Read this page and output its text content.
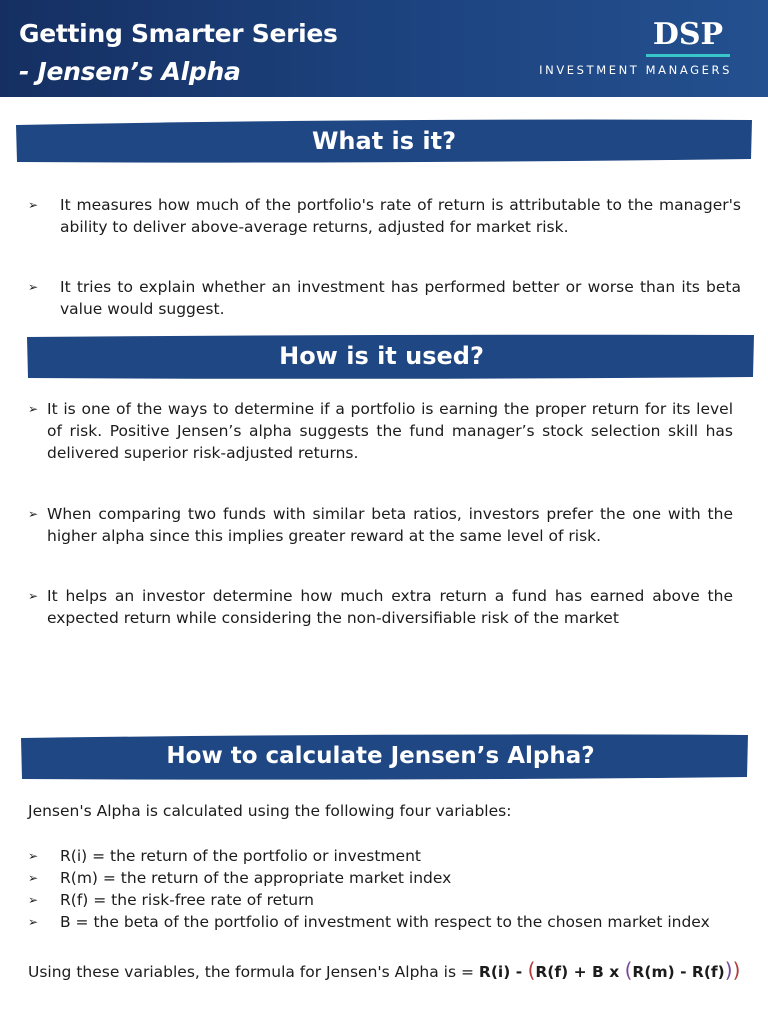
Getting Smarter Series
- Jensen’s Alpha
DSP
INVESTMENT MANAGERS
What is it?
➢ It measures how much of the portfolio's rate of return is attributable to the manager's ability to deliver above-average returns, adjusted for market risk.
➢ It tries to explain whether an investment has performed better or worse than its beta value would suggest.
How is it used?
➢ It is one of the ways to determine if a portfolio is earning the proper return for its level of risk. Positive Jensen’s alpha suggests the fund manager’s stock selection skill has delivered superior risk-adjusted returns.
➢ When comparing two funds with similar beta ratios, investors prefer the one with the higher alpha since this implies greater reward at the same level of risk.
➢ It helps an investor determine how much extra return a fund has earned above the expected return while considering the non-diversifiable risk of the market
How to calculate Jensen’s Alpha?
Jensen's Alpha is calculated using the following four variables:
➢ R(i) = the return of the portfolio or investment
➢ R(m) = the return of the appropriate market index
➢ R(f) = the risk-free rate of return
➢ B = the beta of the portfolio of investment with respect to the chosen market index
Using these variables, the formula for Jensen's Alpha is = R(i) - (R(f) + B x (R(m) - R(f)))
